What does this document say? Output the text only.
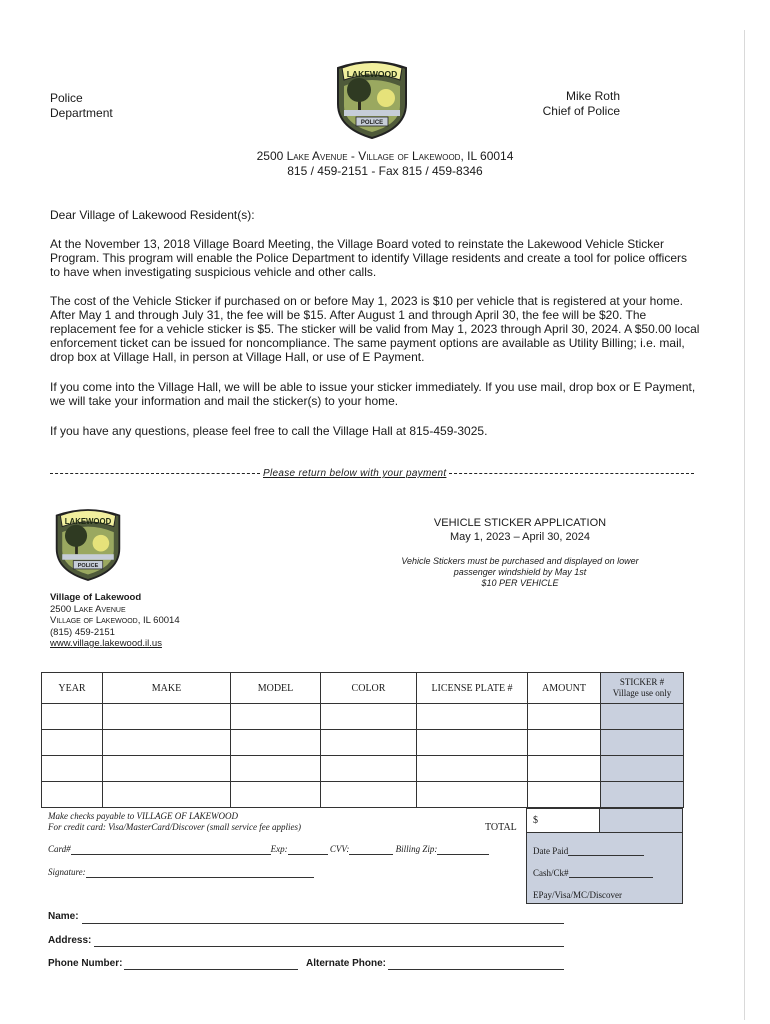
Police
Department
Mike Roth
Chief of Police
LAKEWOOD
POLICE
2500 Lake Avenue - Village of Lakewood, IL 60014
815 / 459-2151 - Fax 815 / 459-8346
Dear Village of Lakewood Resident(s):
At the November 13, 2018 Village Board Meeting, the Village Board voted to reinstate the Lakewood Vehicle Sticker Program. This program will enable the Police Department to identify Village residents and create a tool for police officers to have when investigating suspicious vehicle and other calls.
The cost of the Vehicle Sticker if purchased on or before May 1, 2023 is $10 per vehicle that is registered at your home. After May 1 and through July 31, the fee will be $15. After August 1 and through April 30, the fee will be $20. The replacement fee for a vehicle sticker is $5. The sticker will be valid from May 1, 2023 through April 30, 2024. A $50.00 local enforcement ticket can be issued for noncompliance. The same payment options are available as Utility Billing; i.e. mail, drop box at Village Hall, in person at Village Hall, or use of E Payment.
If you come into the Village Hall, we will be able to issue your sticker immediately. If you use mail, drop box or E Payment, we will take your information and mail the sticker(s) to your home.
If you have any questions, please feel free to call the Village Hall at 815-459-3025.
Please return below with your payment
LAKEWOOD
POLICE
VEHICLE STICKER APPLICATION
May 1, 2023 – April 30, 2024
Vehicle Stickers must be purchased and displayed on lower
passenger windshield by May 1st
$10 PER VEHICLE
Village of Lakewood
2500 Lake Avenue
Village of Lakewood, IL 60014
(815) 459-2151
www.village.lakewood.il.us
YEAR	MAKE	MODEL	COLOR	LICENSE PLATE #	AMOUNT	STICKER #
Village use only

Make checks payable to VILLAGE OF LAKEWOOD
For credit card: Visa/MasterCard/Discover (small service fee applies)	TOTAL
$
Card#	Exp:	CVV:	Billing Zip:
Signature:
Date Paid
Cash/Ck#
EPay/Visa/MC/Discover
Name:
Address:
Phone Number:	Alternate Phone:
